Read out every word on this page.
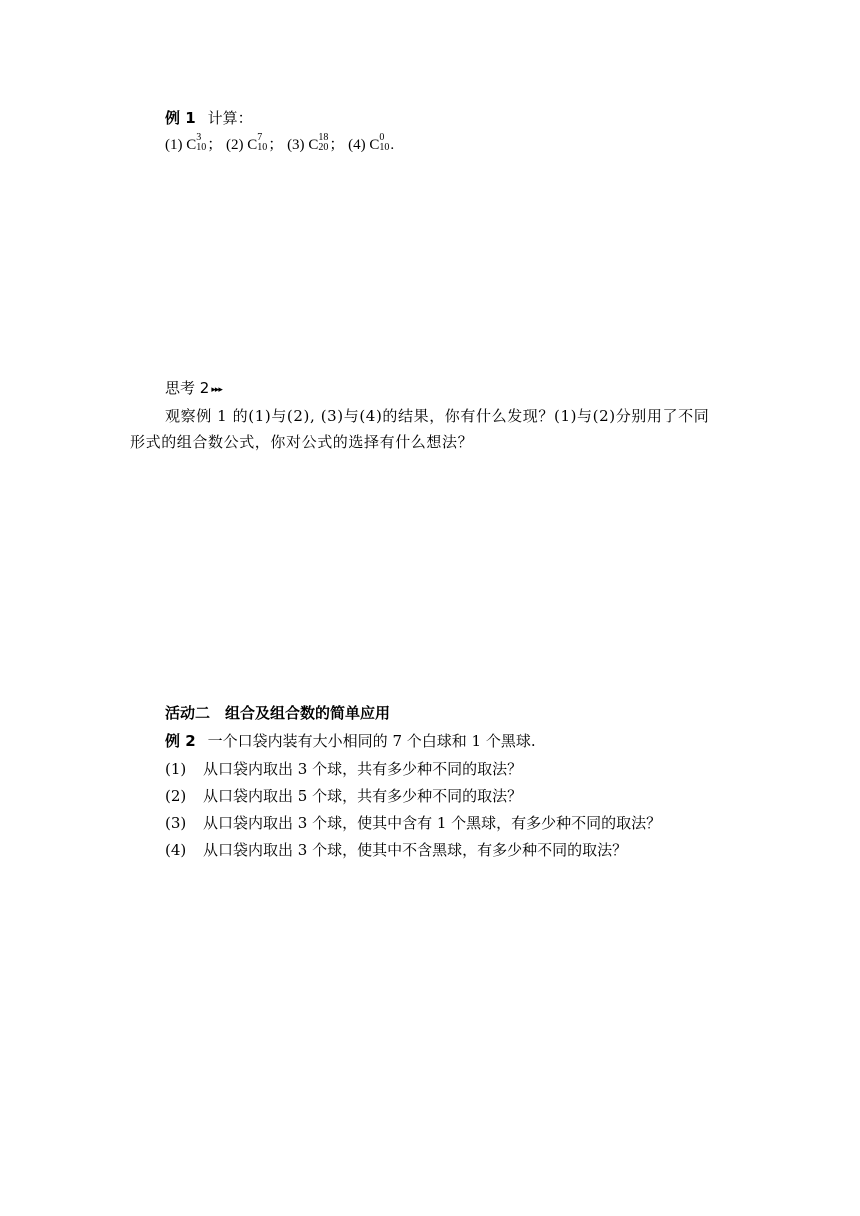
例 1 计算：
(1) C 3
10 ； (2) C 7
10 ； (3) C 18
20 ； (4) C 0
10 .
思考 2 ▸▸▸
观察例 1 的(1)与(2), (3)与(4)的结果，你有什么发现？(1)与(2)分别用了不同
形式的组合数公式，你对公式的选择有什么想法？
活动二　组合及组合数的简单应用
例 2 一个口袋内装有大小相同的 7 个白球和 1 个黑球.
(1) 从口袋内取出 3 个球，共有多少种不同的取法？
(2) 从口袋内取出 5 个球，共有多少种不同的取法？
(3) 从口袋内取出 3 个球，使其中含有 1 个黑球，有多少种不同的取法？
(4) 从口袋内取出 3 个球，使其中不含黑球，有多少种不同的取法？
